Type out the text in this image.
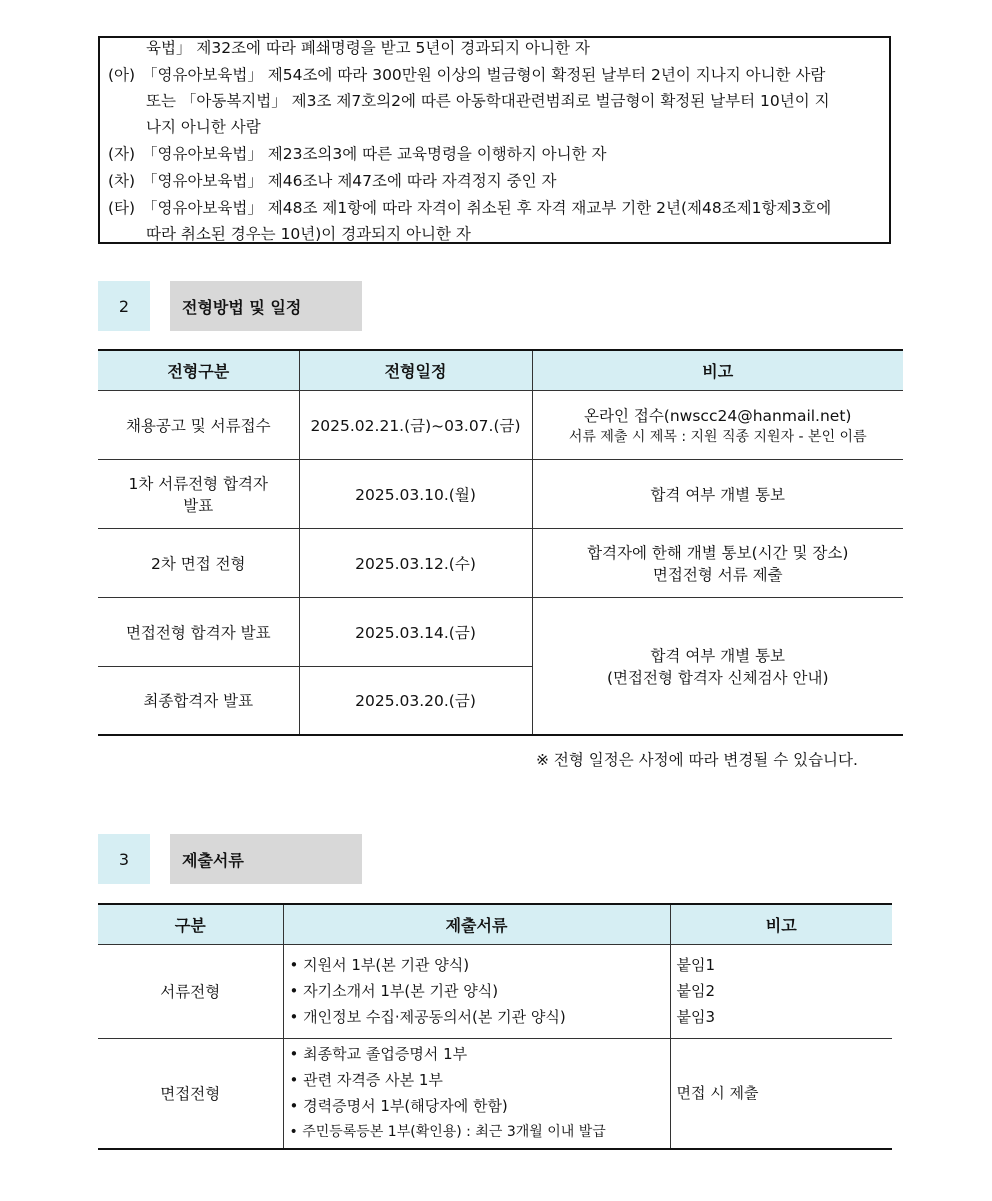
육법」 제32조에 따라 폐쇄명령을 받고 5년이 경과되지 아니한 자
(아) 「영유아보육법」 제54조에 따라 300만원 이상의 벌금형이 확정된 날부터 2년이 지나지 아니한 사람
또는 「아동복지법」 제3조 제7호의2에 따른 아동학대관련범죄로 벌금형이 확정된 날부터 10년이 지
나지 아니한 사람
(자) 「영유아보육법」 제23조의3에 따른 교육명령을 이행하지 아니한 자
(차) 「영유아보육법」 제46조나 제47조에 따라 자격정지 중인 자
(타) 「영유아보육법」 제48조 제1항에 따라 자격이 취소된 후 자격 재교부 기한 2년(제48조제1항제3호에
따라 취소된 경우는 10년)이 경과되지 아니한 자
2	전형방법 및 일정
전형구분	전형일정	비고
채용공고 및 서류접수	2025.02.21.(금)~03.07.(금)	온라인 접수(nwscc24@hanmail.net)
서류 제출 시 제목 : 지원 직종 지원자 - 본인 이름

1차 서류전형 합격자
발표	2025.03.10.(월)	합격 여부 개별 통보
2차 면접 전형	2025.03.12.(수)	합격자에 한해 개별 통보(시간 및 장소)
면접전형 서류 제출

면접전형 합격자 발표	2025.03.14.(금)	합격 여부 개별 통보
(면접전형 합격자 신체검사 안내)

최종합격자 발표	2025.03.20.(금)	
※ 전형 일정은 사정에 따라 변경될 수 있습니다.
3	제출서류
구분	제출서류	비고
서류전형	• 지원서 1부(본 기관 양식)
• 자기소개서 1부(본 기관 양식)
• 개인정보 수집·제공동의서(본 기관 양식)	붙임1
붙임2
붙임3

면접전형	• 최종학교 졸업증명서 1부
• 관련 자격증 사본 1부
• 경력증명서 1부(해당자에 한함)
• 주민등록등본 1부(확인용) : 최근 3개월 이내 발급	면접 시 제출
